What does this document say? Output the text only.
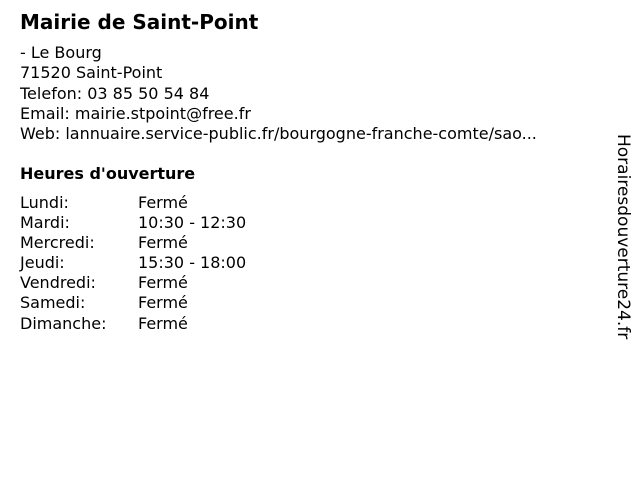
Mairie de Saint-Point
- Le Bourg
71520 Saint-Point
Telefon: 03 85 50 54 84
Email: mairie.stpoint@free.fr
Web: lannuaire.service-public.fr/bourgogne-franche-comte/sao...
Heures d'ouverture
Lundi:	Fermé
Mardi:	10:30 - 12:30
Mercredi:	Fermé
Jeudi:	15:30 - 18:00
Vendredi:	Fermé
Samedi:	Fermé
Dimanche: Fermé	Horairesdouverture24.fr
